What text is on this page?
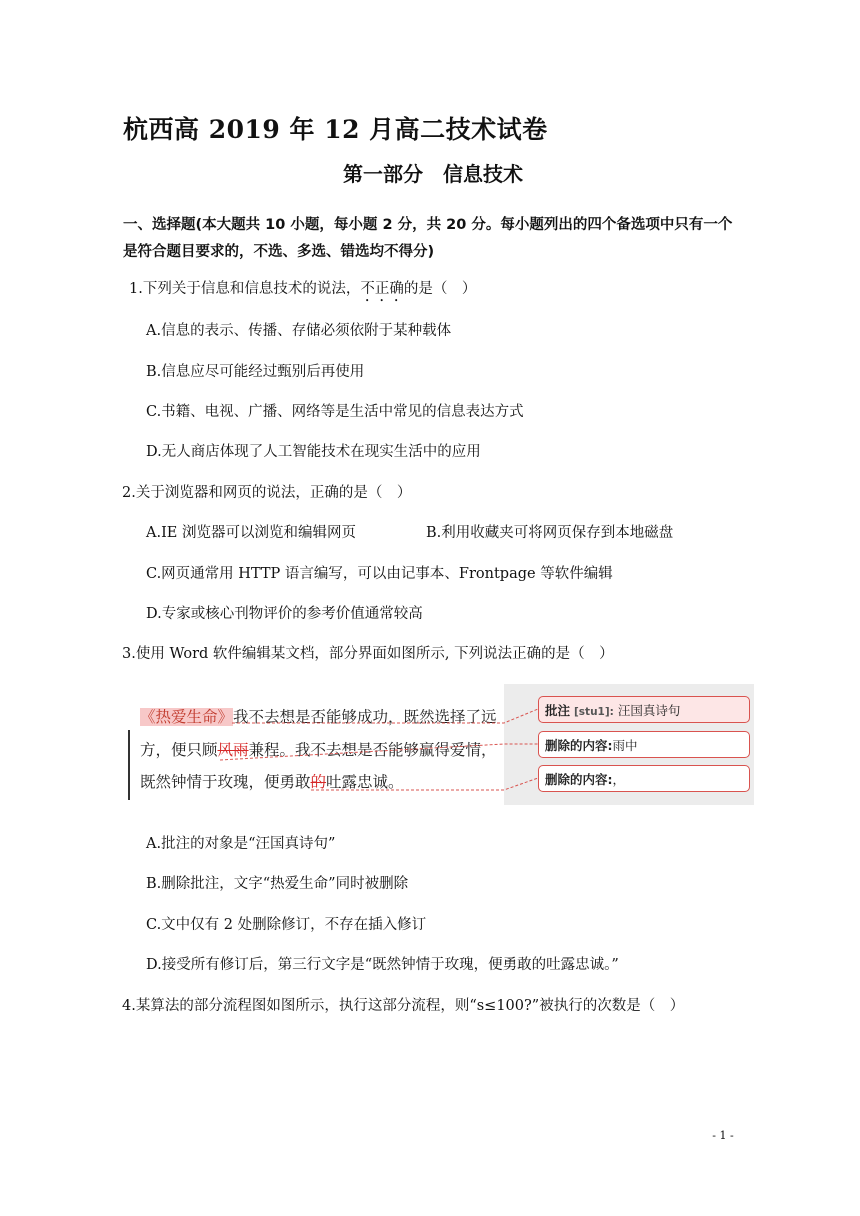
杭西高 2019 年 12 月高二技术试卷
第一部分　信息技术
一、选择题(本大题共 10 小题，每小题 2 分，共 20 分。每小题列出的四个备选项中只有一个
是符合题目要求的，不选、多选、错选均不得分)
1.下列关于信息和信息技术的说法，不正确的是（　）
A.信息的表示、传播、存储必须依附于某种载体
B.信息应尽可能经过甄别后再使用
C.书籍、电视、广播、网络等是生活中常见的信息表达方式
D.无人商店体现了人工智能技术在现实生活中的应用
2.关于浏览器和网页的说法，正确的是（　）
A.IE 浏览器可以浏览和编辑网页	B.利用收藏夹可将网页保存到本地磁盘
C.网页通常用 HTTP 语言编写，可以由记事本、Frontpage 等软件编辑
D.专家或核心刊物评价的参考价值通常较高
3.使用 Word 软件编辑某文档，部分界面如图所示, 下列说法正确的是（　）
《热爱生命》我不去想是否能够成功，既然选择了远
方，便只顾风雨兼程。我不去想是否能够赢得爱情，
既然钟情于玫瑰，便勇敢的吐露忠诚。
批注 [stu1]: 汪国真诗句
删除的内容:雨中
删除的内容:，
A.批注的对象是“汪国真诗句”
B.删除批注，文字“热爱生命”同时被删除
C.文中仅有 2 处删除修订，不存在插入修订
D.接受所有修订后，第三行文字是“既然钟情于玫瑰，便勇敢的吐露忠诚。”
4.某算法的部分流程图如图所示，执行这部分流程，则“s≤100?”被执行的次数是（　）
- 1 -
